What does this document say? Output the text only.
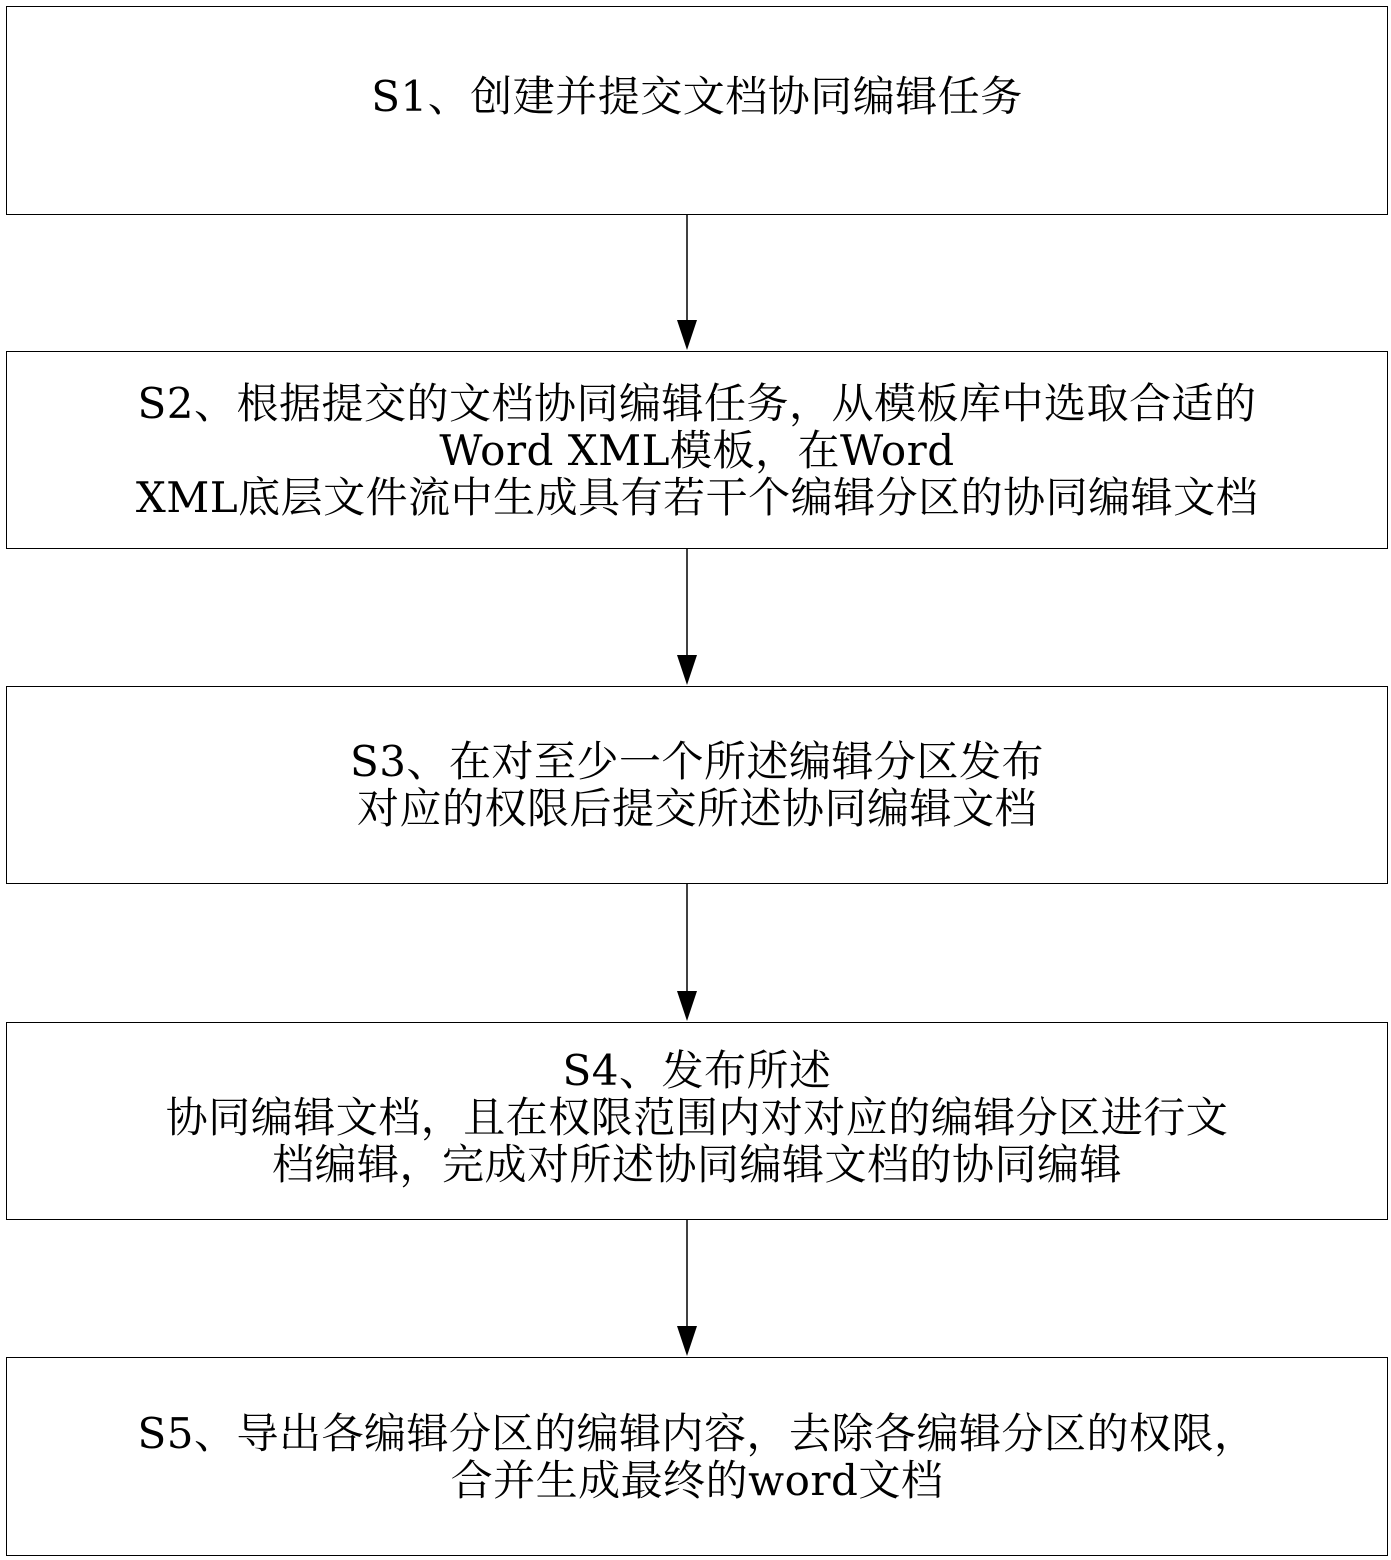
S1、创建并提交文档协同编辑任务
S2、根据提交的文档协同编辑任务，从模板库中选取合适的
Word XML模板，在Word
XML底层文件流中生成具有若干个编辑分区的协同编辑文档
S3、在对至少一个所述编辑分区发布
对应的权限后提交所述协同编辑文档
S4、发布所述
协同编辑文档，且在权限范围内对对应的编辑分区进行文
档编辑，完成对所述协同编辑文档的协同编辑
S5、导出各编辑分区的编辑内容，去除各编辑分区的权限，
合并生成最终的word文档
